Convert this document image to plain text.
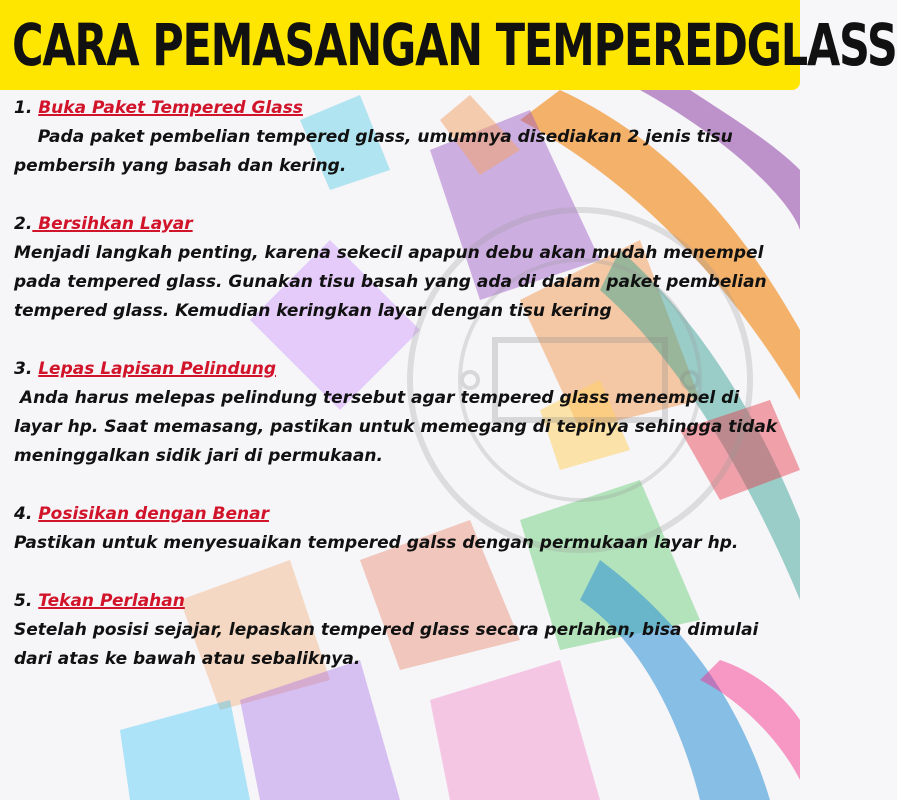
CARA PEMASANGAN TEMPEREDGLASS
1. Buka Paket Tempered Glass

Pada paket pembelian tempered glass, umumnya disediakan 2 jenis tisu pembersih yang basah dan kering.

2. Bersihkan Layar

Menjadi langkah penting, karena sekecil apapun debu akan mudah menempel pada tempered glass. Gunakan tisu basah yang ada di dalam paket pembelian tempered glass. Kemudian keringkan layar dengan tisu kering

3. Lepas Lapisan Pelindung

Anda harus melepas pelindung tersebut agar tempered glass menempel di layar hp. Saat memasang, pastikan untuk memegang di tepinya sehingga tidak meninggalkan sidik jari di permukaan.

4. Posisikan dengan Benar

Pastikan untuk menyesuaikan tempered galss dengan permukaan layar hp.

5. Tekan Perlahan

Setelah posisi sejajar, lepaskan tempered glass secara perlahan, bisa dimulai dari atas ke bawah atau sebaliknya.
